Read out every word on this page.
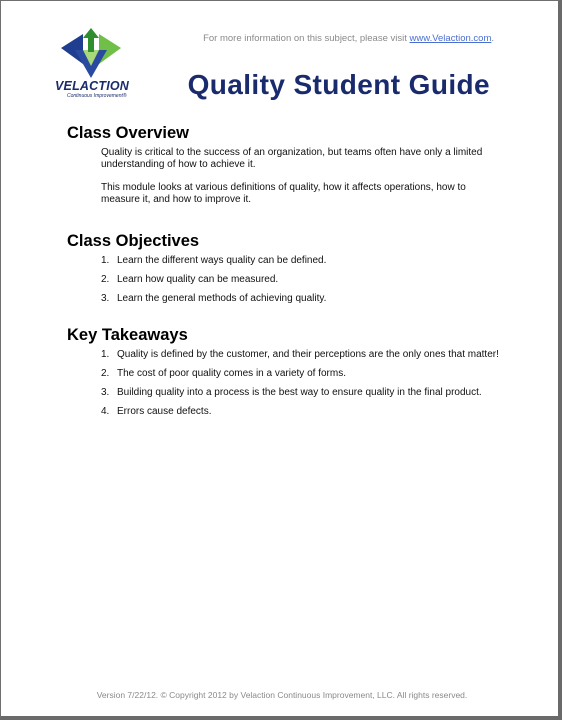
For more information on this subject, please visit www.Velaction.com.
VELACTION
Continuous Improvement® Quality Student Guide
Class Overview

Quality is critical to the success of an organization, but teams often have only a limited understanding of how to achieve it.

This module looks at various definitions of quality, how it affects operations, how to measure it, and how to improve it.

Class Objectives
1. Learn the different ways quality can be defined.
2. Learn how quality can be measured.
3. Learn the general methods of achieving quality.
Key Takeaways
1. Quality is defined by the customer, and their perceptions are the only ones that matter!
2. The cost of poor quality comes in a variety of forms.
3. Building quality into a process is the best way to ensure quality in the final product.
4. Errors cause defects.
Version 7/22/12. © Copyright 2012 by Velaction Continuous Improvement, LLC. All rights reserved.
